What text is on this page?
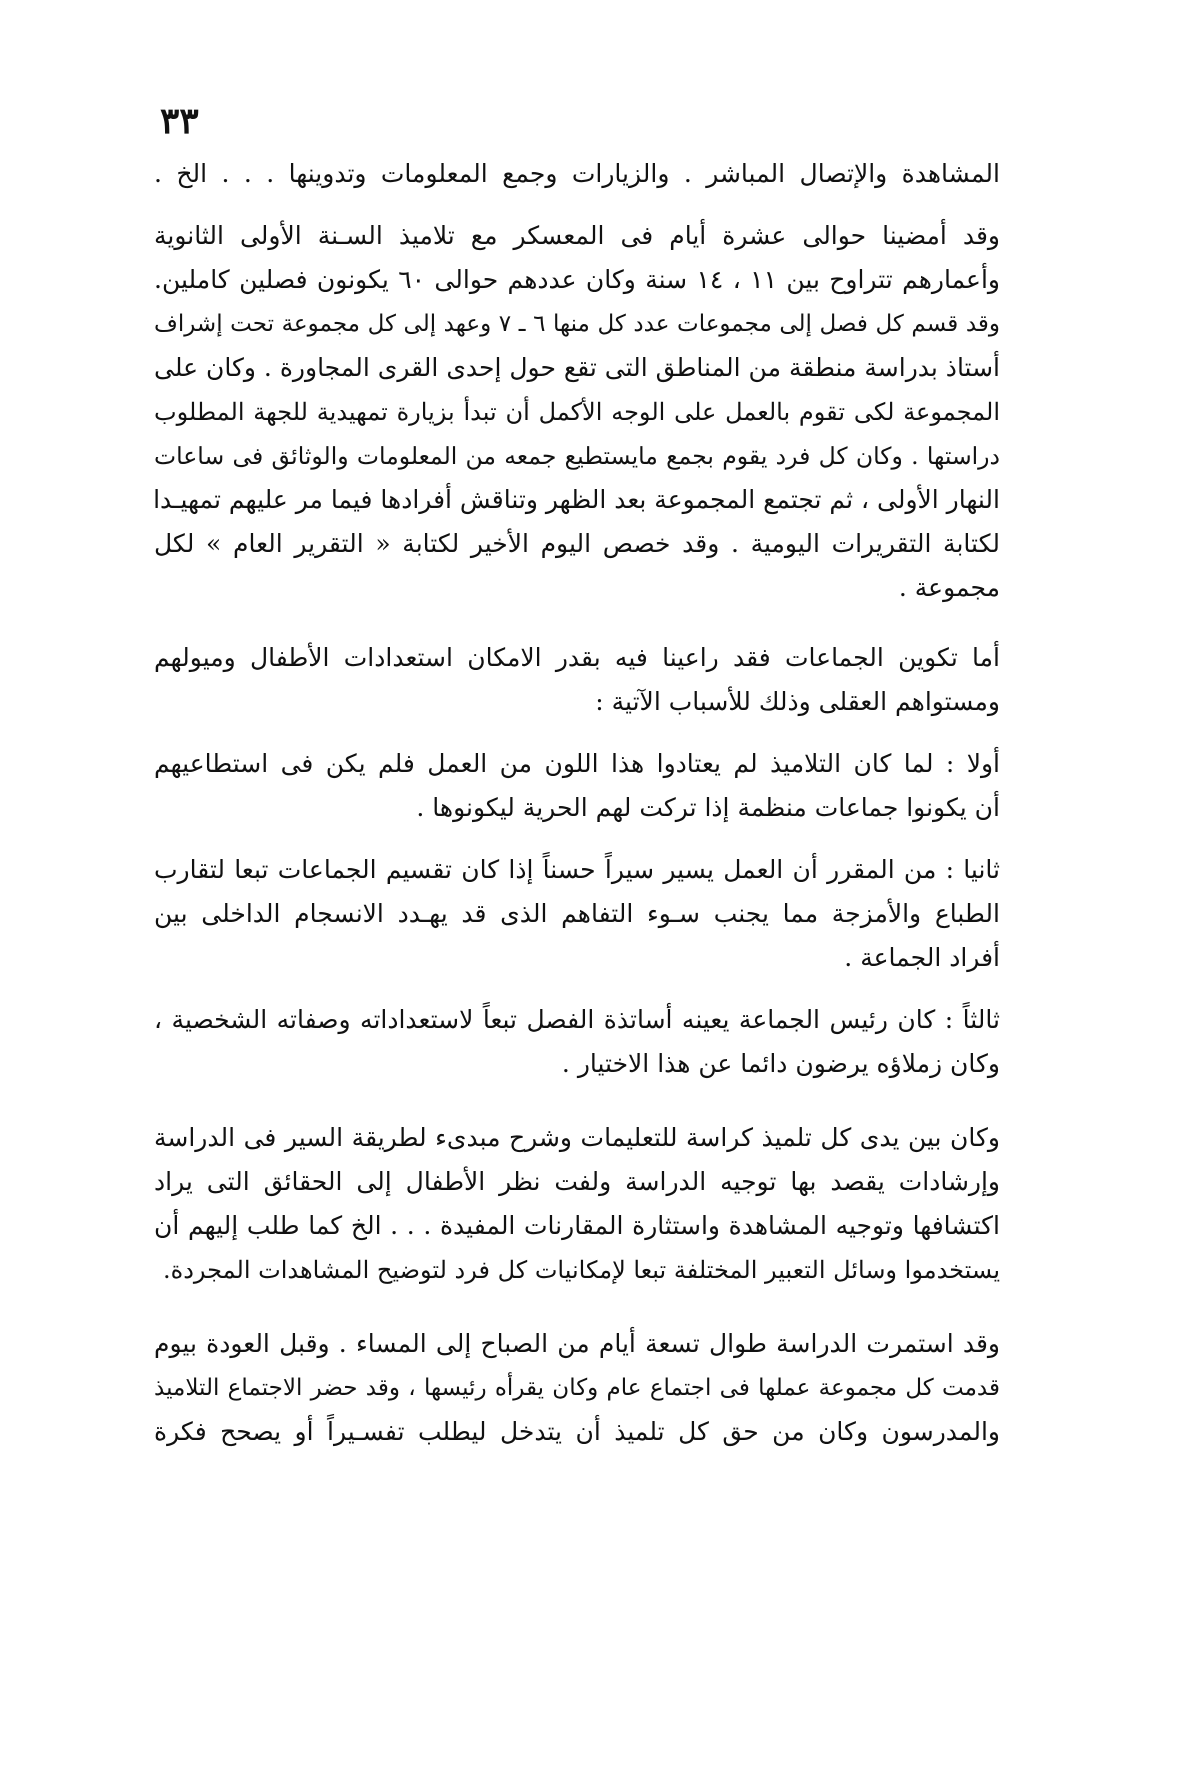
٣٣
المشاهدة والإتصال المباشر . والزيارات وجمع المعلومات وتدوينها . . . الخ .
وقد أمضينا حوالى عشرة أيام فى المعسكر مع تلاميذ السـنة الأولى الثانوية
وأعمارهم تتراوح بين ١١ ، ١٤ سنة وكان عددهم حوالى ٦٠ يكونون فصلين كاملين.
وقد قسم كل فصل إلى مجموعات عدد كل منها ٦ ـ ٧ وعهد إلى كل مجموعة تحت إشراف
أستاذ بدراسة منطقة من المناطق التى تقع حول إحدى القرى المجاورة . وكان على
المجموعة لكى تقوم بالعمل على الوجه الأكمل أن تبدأ بزيارة تمهيدية للجهة المطلوب
دراستها . وكان كل فرد يقوم بجمع مايستطيع جمعه من المعلومات والوثائق فى ساعات
النهار الأولى ، ثم تجتمع المجموعة بعد الظهر وتناقش أفرادها فيما مر عليهم تمهيـدا
لكتابة التقريرات اليومية . وقد خصص اليوم الأخير لكتابة « التقرير العام » لكل
مجموعة .
أما تكوين الجماعات فقد راعينا فيه بقدر الامكان استعدادات الأطفال وميولهم
ومستواهم العقلى وذلك للأسباب الآتية :
أولا : لما كان التلاميذ لم يعتادوا هذا اللون من العمل فلم يكن فى استطاعيهم
أن يكونوا جماعات منظمة إذا تركت لهم الحرية ليكونوها .
ثانيا : من المقرر أن العمل يسير سيراً حسناً إذا كان تقسيم الجماعات تبعا لتقارب
الطباع والأمزجة مما يجنب سـوء التفاهم الذى قد يهـدد الانسجام الداخلى بين
أفراد الجماعة .
ثالثاً : كان رئيس الجماعة يعينه أساتذة الفصل تبعاً لاستعداداته وصفاته الشخصية ،
وكان زملاؤه يرضون دائما عن هذا الاختيار .
وكان بين يدى كل تلميذ كراسة للتعليمات وشرح مبدىء لطريقة السير فى الدراسة
وإرشادات يقصد بها توجيه الدراسة ولفت نظر الأطفال إلى الحقائق التى يراد
اكتشافها وتوجيه المشاهدة واستثارة المقارنات المفيدة . . . الخ كما طلب إليهم أن
يستخدموا وسائل التعبير المختلفة تبعا لإمكانيات كل فرد لتوضيح المشاهدات المجردة.
وقد استمرت الدراسة طوال تسعة أيام من الصباح إلى المساء . وقبل العودة بيوم
قدمت كل مجموعة عملها فى اجتماع عام وكان يقرأه رئيسها ، وقد حضر الاجتماع التلاميذ
والمدرسون وكان من حق كل تلميذ أن يتدخل ليطلب تفسـيراً أو يصحح فكرة
